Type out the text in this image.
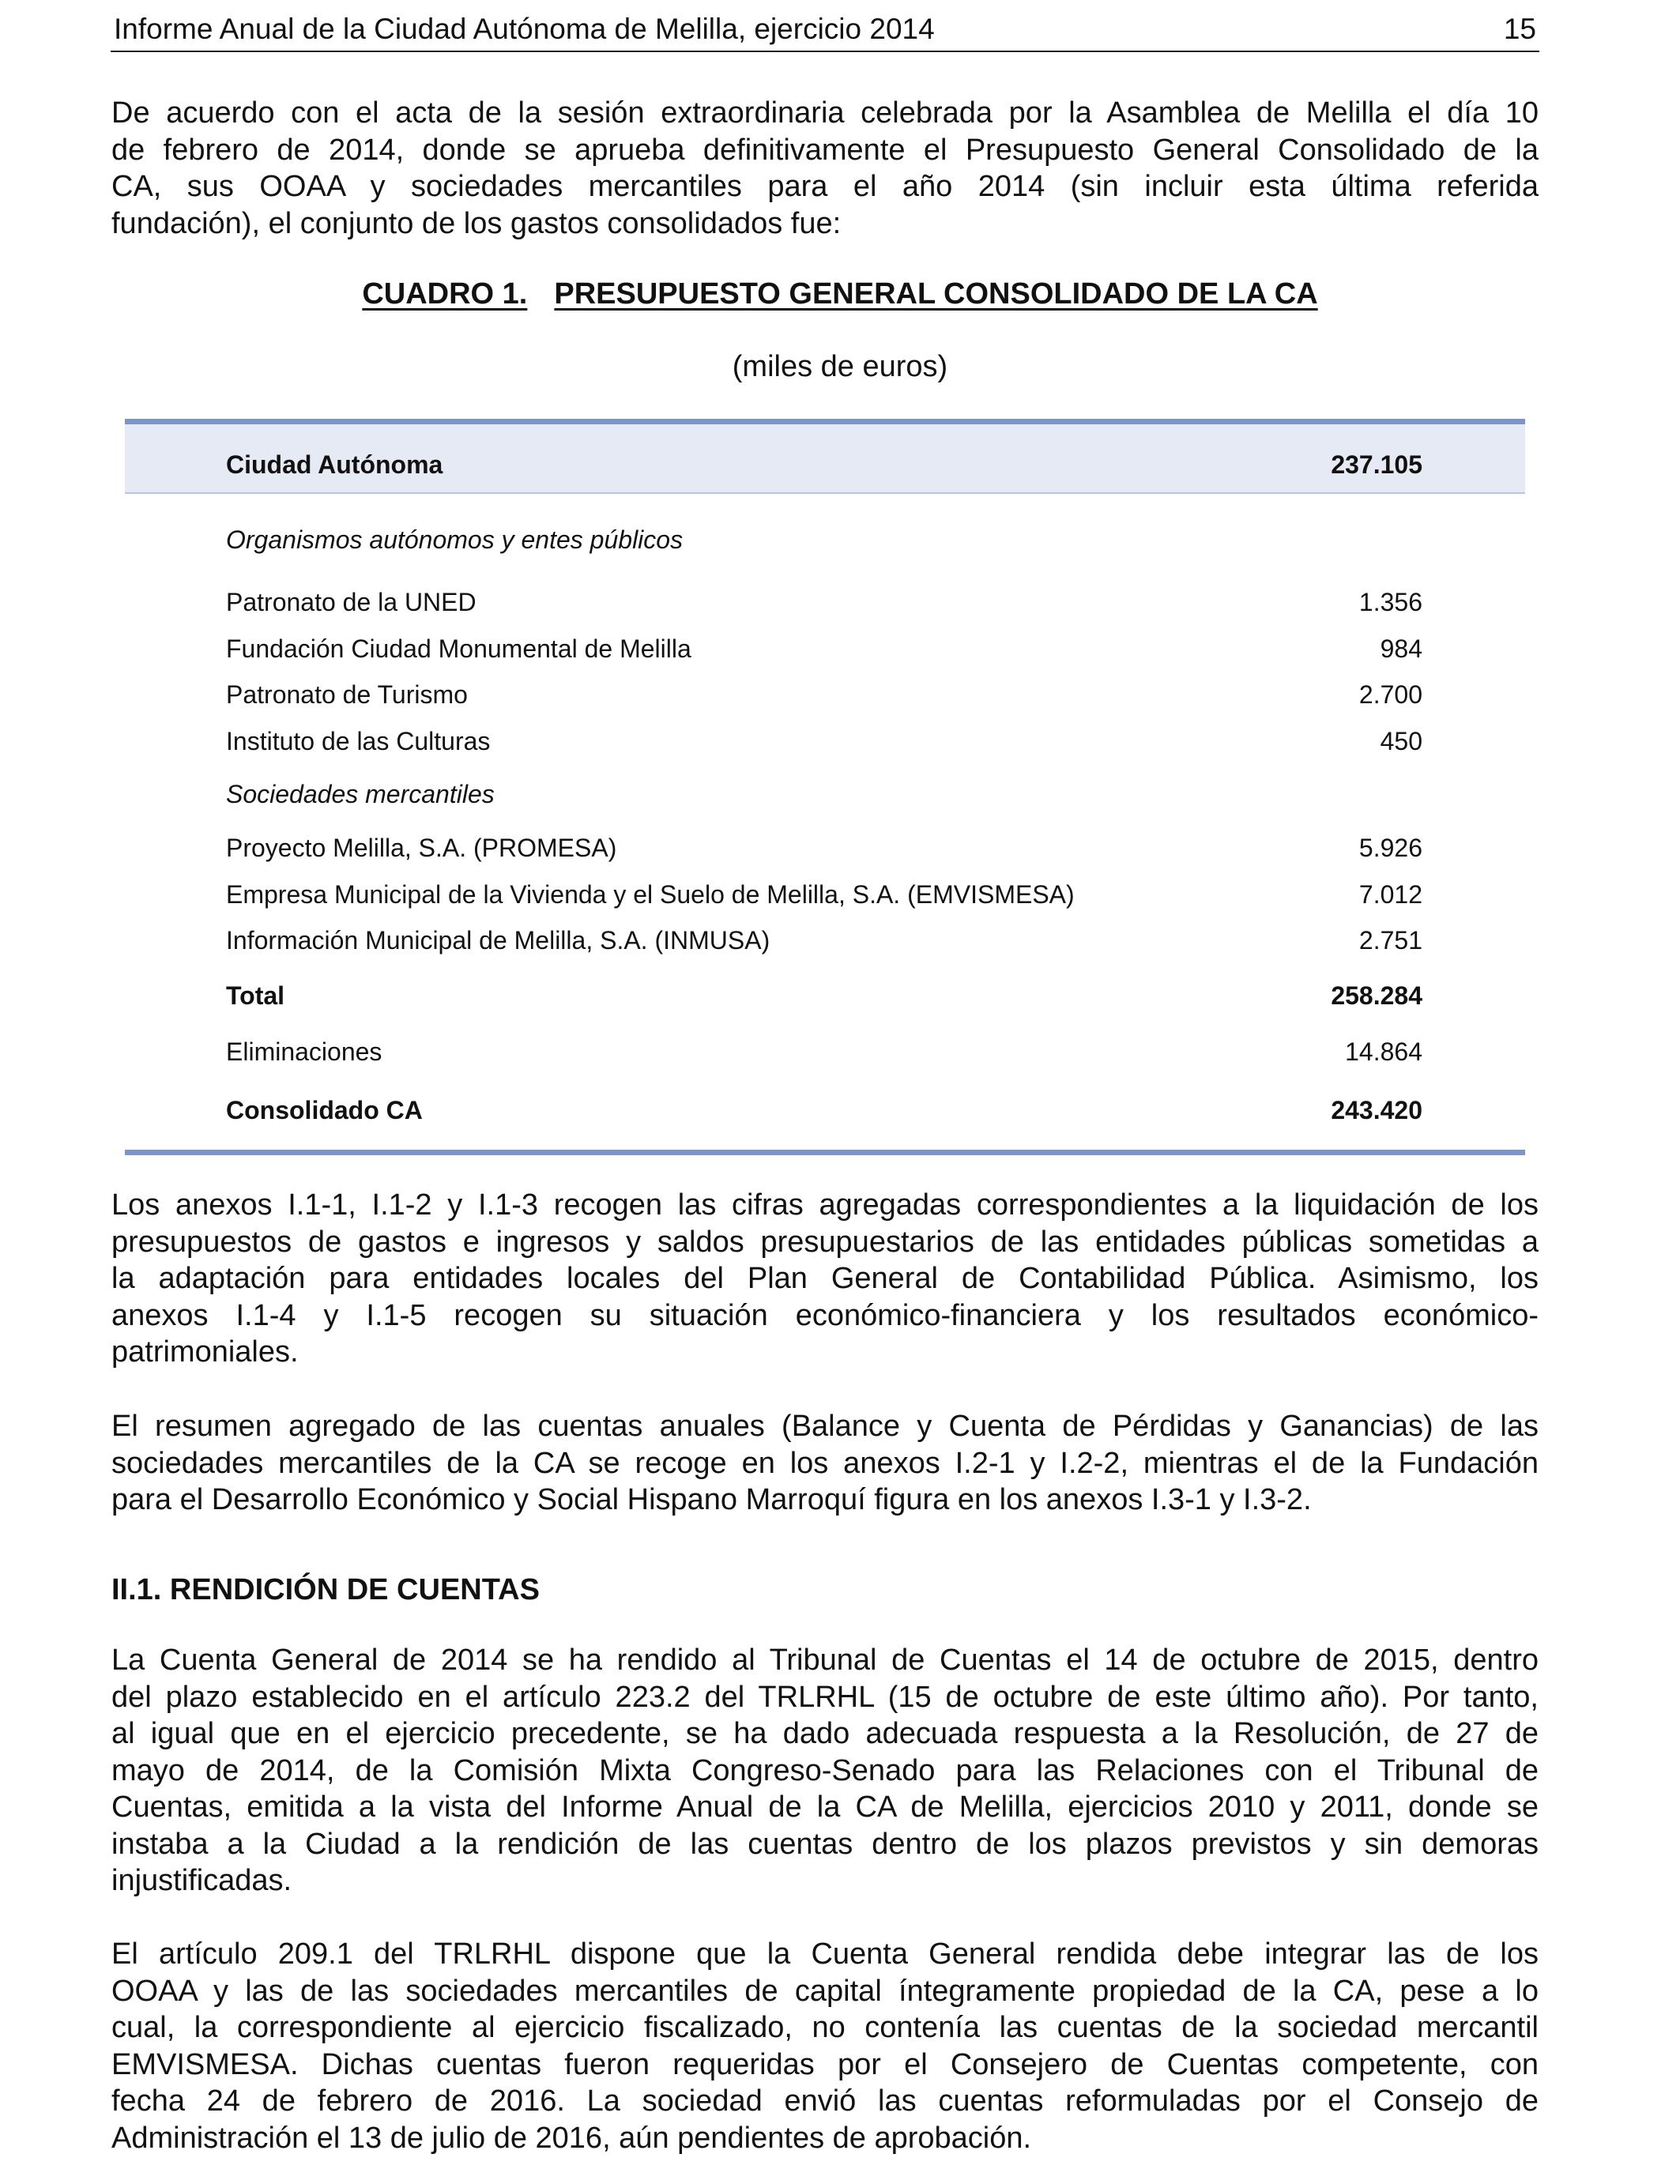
Informe Anual de la Ciudad Autónoma de Melilla, ejercicio 2014	15
De acuerdo con el acta de la sesión extraordinaria celebrada por la Asamblea de Melilla el día 10
de febrero de 2014, donde se aprueba definitivamente el Presupuesto General Consolidado de la
CA, sus OOAA y sociedades mercantiles para el año 2014 (sin incluir esta última referida
fundación), el conjunto de los gastos consolidados fue:
CUADRO 1. PRESUPUESTO GENERAL CONSOLIDADO DE LA CA
(miles de euros)
Ciudad Autónoma	237.105
Organismos autónomos y entes públicos
Patronato de la UNED	1.356
Fundación Ciudad Monumental de Melilla	984
Patronato de Turismo	2.700
Instituto de las Culturas	450
Sociedades mercantiles
Proyecto Melilla, S.A. (PROMESA)	5.926
Empresa Municipal de la Vivienda y el Suelo de Melilla, S.A. (EMVISMESA)	7.012
Información Municipal de Melilla, S.A. (INMUSA)	2.751
Total	258.284
Eliminaciones	14.864
Consolidado CA	243.420
Los anexos I.1-1, I.1-2 y I.1-3 recogen las cifras agregadas correspondientes a la liquidación de los
presupuestos de gastos e ingresos y saldos presupuestarios de las entidades públicas sometidas a
la adaptación para entidades locales del Plan General de Contabilidad Pública. Asimismo, los
anexos I.1-4 y I.1-5 recogen su situación económico-financiera y los resultados económico-
patrimoniales.
El resumen agregado de las cuentas anuales (Balance y Cuenta de Pérdidas y Ganancias) de las
sociedades mercantiles de la CA se recoge en los anexos I.2-1 y I.2-2, mientras el de la Fundación
para el Desarrollo Económico y Social Hispano Marroquí figura en los anexos I.3-1 y I.3-2.
II.1. RENDICIÓN DE CUENTAS
La Cuenta General de 2014 se ha rendido al Tribunal de Cuentas el 14 de octubre de 2015, dentro
del plazo establecido en el artículo 223.2 del TRLRHL (15 de octubre de este último año). Por tanto,
al igual que en el ejercicio precedente, se ha dado adecuada respuesta a la Resolución, de 27 de
mayo de 2014, de la Comisión Mixta Congreso-Senado para las Relaciones con el Tribunal de
Cuentas, emitida a la vista del Informe Anual de la CA de Melilla, ejercicios 2010 y 2011, donde se
instaba a la Ciudad a la rendición de las cuentas dentro de los plazos previstos y sin demoras
injustificadas.
El artículo 209.1 del TRLRHL dispone que la Cuenta General rendida debe integrar las de los
OOAA y las de las sociedades mercantiles de capital íntegramente propiedad de la CA, pese a lo
cual, la correspondiente al ejercicio fiscalizado, no contenía las cuentas de la sociedad mercantil
EMVISMESA. Dichas cuentas fueron requeridas por el Consejero de Cuentas competente, con
fecha 24 de febrero de 2016. La sociedad envió las cuentas reformuladas por el Consejo de
Administración el 13 de julio de 2016, aún pendientes de aprobación.
